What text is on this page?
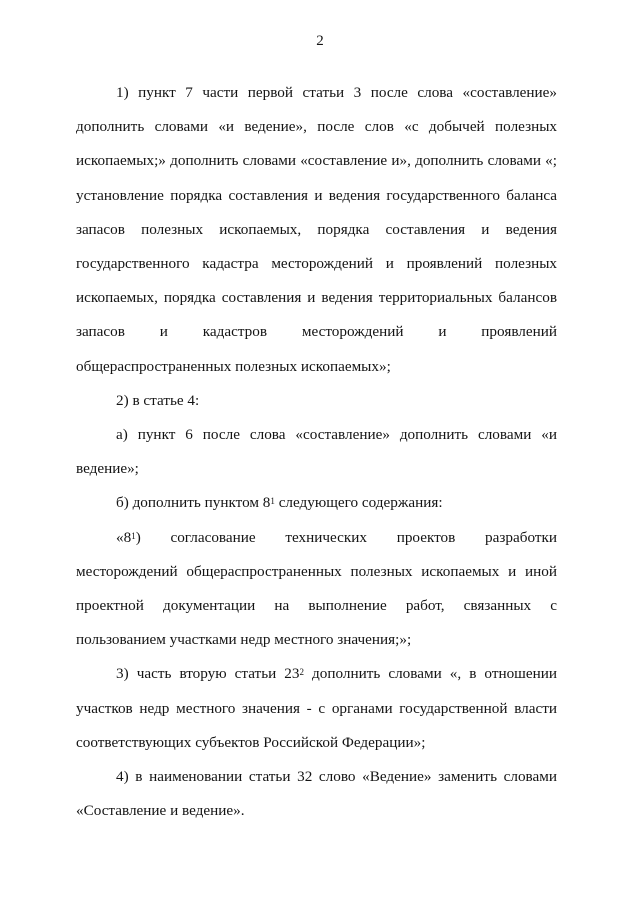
2

1) пункт 7 части первой статьи 3 после слова «составление» дополнить словами «и ведение», после слов «с добычей полезных ископаемых;» дополнить словами «составление и», дополнить словами «; установление порядка составления и ведения государственного баланса запасов полезных ископаемых, порядка составления и ведения государственного кадастра месторождений и проявлений полезных ископаемых, порядка составления и ведения территориальных балансов запасов и кадастров месторождений и проявлений общераспространенных полезных ископаемых»;

2) в статье 4:

а) пункт 6 после слова «составление» дополнить словами «и ведение»;

б) дополнить пунктом $8^1$ следующего содержания:

«$8^1$) согласование технических проектов разработки месторождений общераспространенных полезных ископаемых и иной проектной документации на выполнение работ, связанных с пользованием участками недр местного значения;»;

3) часть вторую статьи $23^2$ дополнить словами «, в отношении участков недр местного значения - с органами государственной власти соответствующих субъектов Российской Федерации»;

4) в наименовании статьи 32 слово «Ведение» заменить словами «Составление и ведение».
